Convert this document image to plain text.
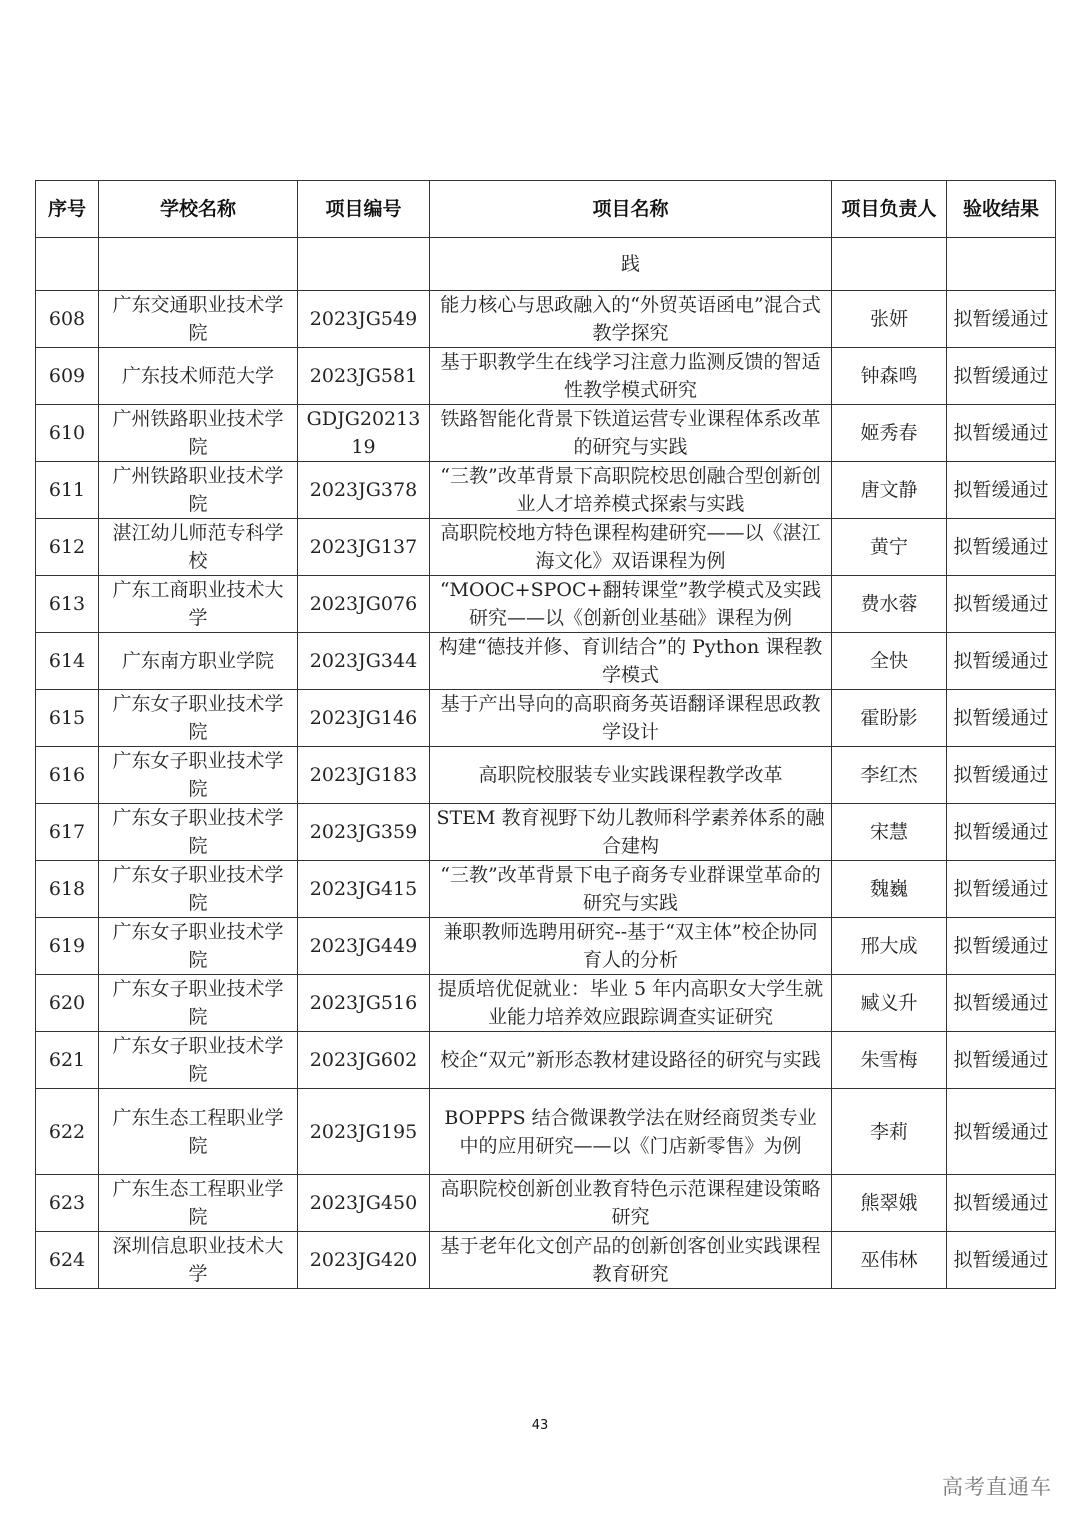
序号	学校名称	项目编号	项目名称	项目负责人	验收结果
			践		
608	广东交通职业技术学院	2023JG549	能力核心与思政融入的“外贸英语函电”混合式教学探究	张妍	拟暂缓通过
609	广东技术师范大学	2023JG581	基于职教学生在线学习注意力监测反馈的智适性教学模式研究	钟森鸣	拟暂缓通过
610	广州铁路职业技术学院	GDJG2021319	铁路智能化背景下铁道运营专业课程体系改革的研究与实践	姬秀春	拟暂缓通过
611	广州铁路职业技术学院	2023JG378	“三教”改革背景下高职院校思创融合型创新创业人才培养模式探索与实践	唐文静	拟暂缓通过
612	湛江幼儿师范专科学校	2023JG137	高职院校地方特色课程构建研究——以《湛江海文化》双语课程为例	黄宁	拟暂缓通过
613	广东工商职业技术大学	2023JG076	“MOOC+SPOC+翻转课堂”教学模式及实践研究——以《创新创业基础》课程为例	费水蓉	拟暂缓通过
614	广东南方职业学院	2023JG344	构建“德技并修、育训结合”的 Python 课程教学模式	全快	拟暂缓通过
615	广东女子职业技术学院	2023JG146	基于产出导向的高职商务英语翻译课程思政教学设计	霍盼影	拟暂缓通过
616	广东女子职业技术学院	2023JG183	高职院校服装专业实践课程教学改革	李红杰	拟暂缓通过
617	广东女子职业技术学院	2023JG359	STEM 教育视野下幼儿教师科学素养体系的融合建构	宋慧	拟暂缓通过
618	广东女子职业技术学院	2023JG415	“三教”改革背景下电子商务专业群课堂革命的研究与实践	魏巍	拟暂缓通过
619	广东女子职业技术学院	2023JG449	兼职教师选聘用研究--基于“双主体”校企协同育人的分析	邢大成	拟暂缓通过
620	广东女子职业技术学院	2023JG516	提质培优促就业：毕业 5 年内高职女大学生就业能力培养效应跟踪调查实证研究	臧义升	拟暂缓通过
621	广东女子职业技术学院	2023JG602	校企“双元”新形态教材建设路径的研究与实践	朱雪梅	拟暂缓通过
622	广东生态工程职业学院	2023JG195	BOPPPS 结合微课教学法在财经商贸类专业中的应用研究——以《门店新零售》为例	李莉	拟暂缓通过
623	广东生态工程职业学院	2023JG450	高职院校创新创业教育特色示范课程建设策略研究	熊翠娥	拟暂缓通过
624	深圳信息职业技术大学	2023JG420	基于老年化文创产品的创新创客创业实践课程教育研究	巫伟林	拟暂缓通过
43
高考直通车
